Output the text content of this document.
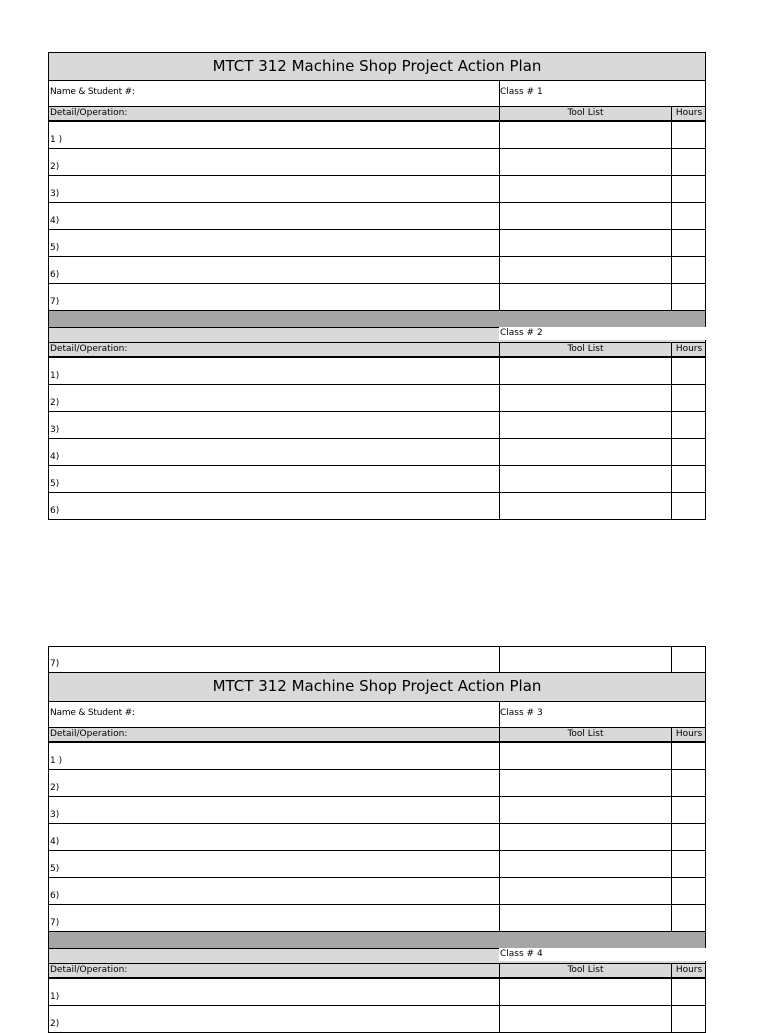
MTCT 312 Machine Shop Project Action Plan
Name & Student #:	Class # 1
Detail/Operation:	Tool List	Hours
1 )
2)
3)
4)
5)
6)
7)
Class # 2
Detail/Operation:	Tool List	Hours
1)
2)
3)
4)
5)
6)
7)
MTCT 312 Machine Shop Project Action Plan
Name & Student #:	Class # 3
Detail/Operation:	Tool List	Hours
1 )
2)
3)
4)
5)
6)
7)
Class # 4
Detail/Operation:	Tool List	Hours
1)
2)
